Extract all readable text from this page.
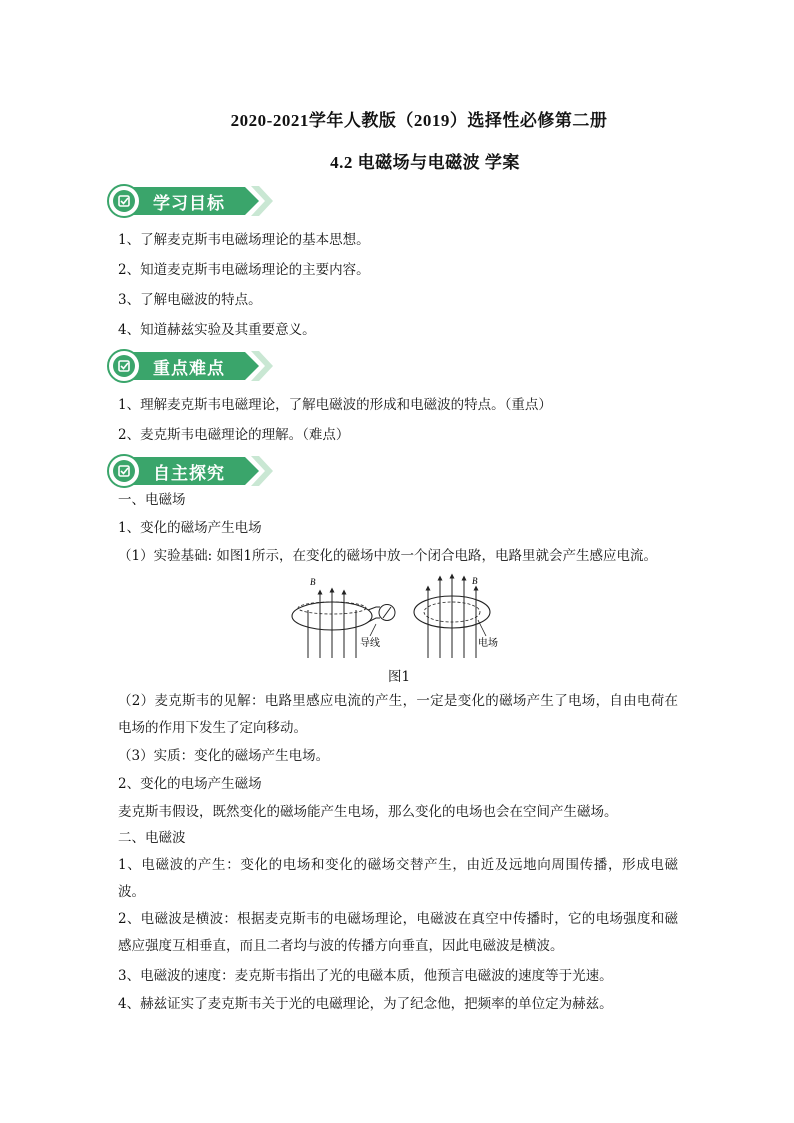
2020-2021学年人教版（2019）选择性必修第二册
4.2 电磁场与电磁波 学案
学习目标
1、了解麦克斯韦电磁场理论的基本思想。
2、知道麦克斯韦电磁场理论的主要内容。
3、了解电磁波的特点。
4、知道赫兹实验及其重要意义。
重点难点
1、理解麦克斯韦电磁理论，了解电磁波的形成和电磁波的特点。（重点）
2、麦克斯韦电磁理论的理解。（难点）
自主探究
一、电磁场
1、变化的磁场产生电场
（1）实验基础: 如图1所示，在变化的磁场中放一个闭合电路，电路里就会产生感应电流。
B
导线
B
电场
图1
（2）麦克斯韦的见解：电路里感应电流的产生，一定是变化的磁场产生了电场，自由电荷在电场的作用下发生了定向移动。
（3）实质：变化的磁场产生电场。
2、变化的电场产生磁场
麦克斯韦假设，既然变化的磁场能产生电场，那么变化的电场也会在空间产生磁场。
二、电磁波
1、电磁波的产生：变化的电场和变化的磁场交替产生，由近及远地向周围传播，形成电磁波。
2、电磁波是横波：根据麦克斯韦的电磁场理论，电磁波在真空中传播时，它的电场强度和磁感应强度互相垂直，而且二者均与波的传播方向垂直，因此电磁波是横波。
3、电磁波的速度：麦克斯韦指出了光的电磁本质，他预言电磁波的速度等于光速。
4、赫兹证实了麦克斯韦关于光的电磁理论，为了纪念他，把频率的单位定为赫兹。
